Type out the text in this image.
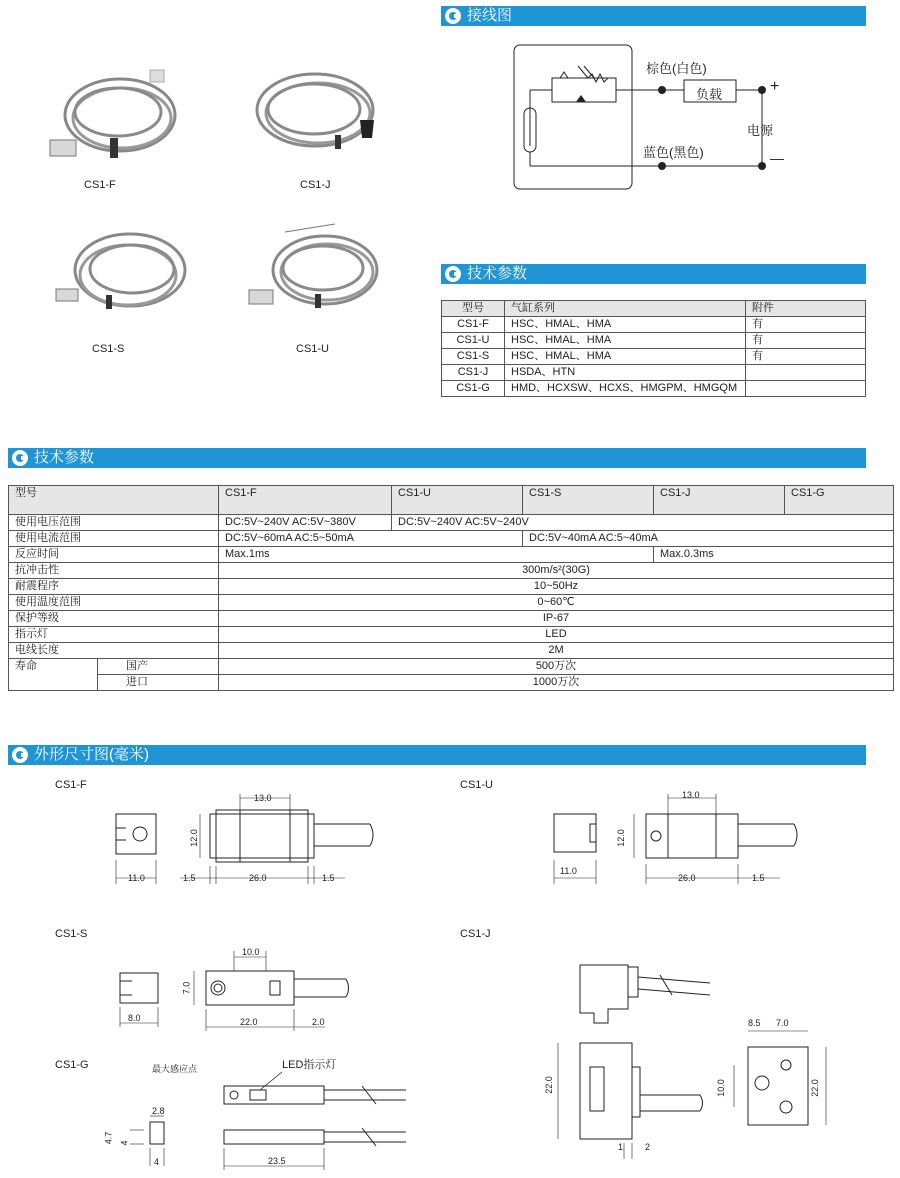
CS1-F	CS1-J
CS1-S	CS1-U
接线图
棕色(白色)
负载	+
电源
蓝色(黑色)	—
技术参数
型号	气缸系列	附件
CS1-F	HSC、HMAL、HMA	有
CS1-U	HSC、HMAL、HMA	有
CS1-S	HSC、HMAL、HMA	有
CS1-J	HSDA、HTN	
CS1-G	HMD、HCXSW、HCXS、HMGPM、HMGQM	
技术参数
型号		CS1-F	CS1-U	CS1-S	CS1-J	CS1-G
使用电压范围		DC:5V~240V AC:5V~380V	DC:5V~240V AC:5V~240V			
使用电流范围		DC:5V~60mA AC:5~50mA		DC:5V~40mA AC:5~40mA		
反应时间		Max.1ms			Max.0.3ms	
抗冲击性		300m/s²(30G)				
耐震程序		10~50Hz				
使用温度范围		0~60℃				
保护等级		IP-67				
指示灯		LED				
电线长度		2M				
寿命	国产	500万次				
	进口	1000万次				
外形尺寸图(毫米)
CS1-F
11.0
12.0
13.0
1.5	26.0	1.5
CS1-U
11.0
12.0
13.0
26.0	1.5
CS1-S
8.0
7.0
10.0
22.0	2.0
CS1-G	最大感应点	LED指示灯
2.8
4.7 4
4	23.5
CS1-J
22.0
1 2
8.5 7.0
10.0	22.0
